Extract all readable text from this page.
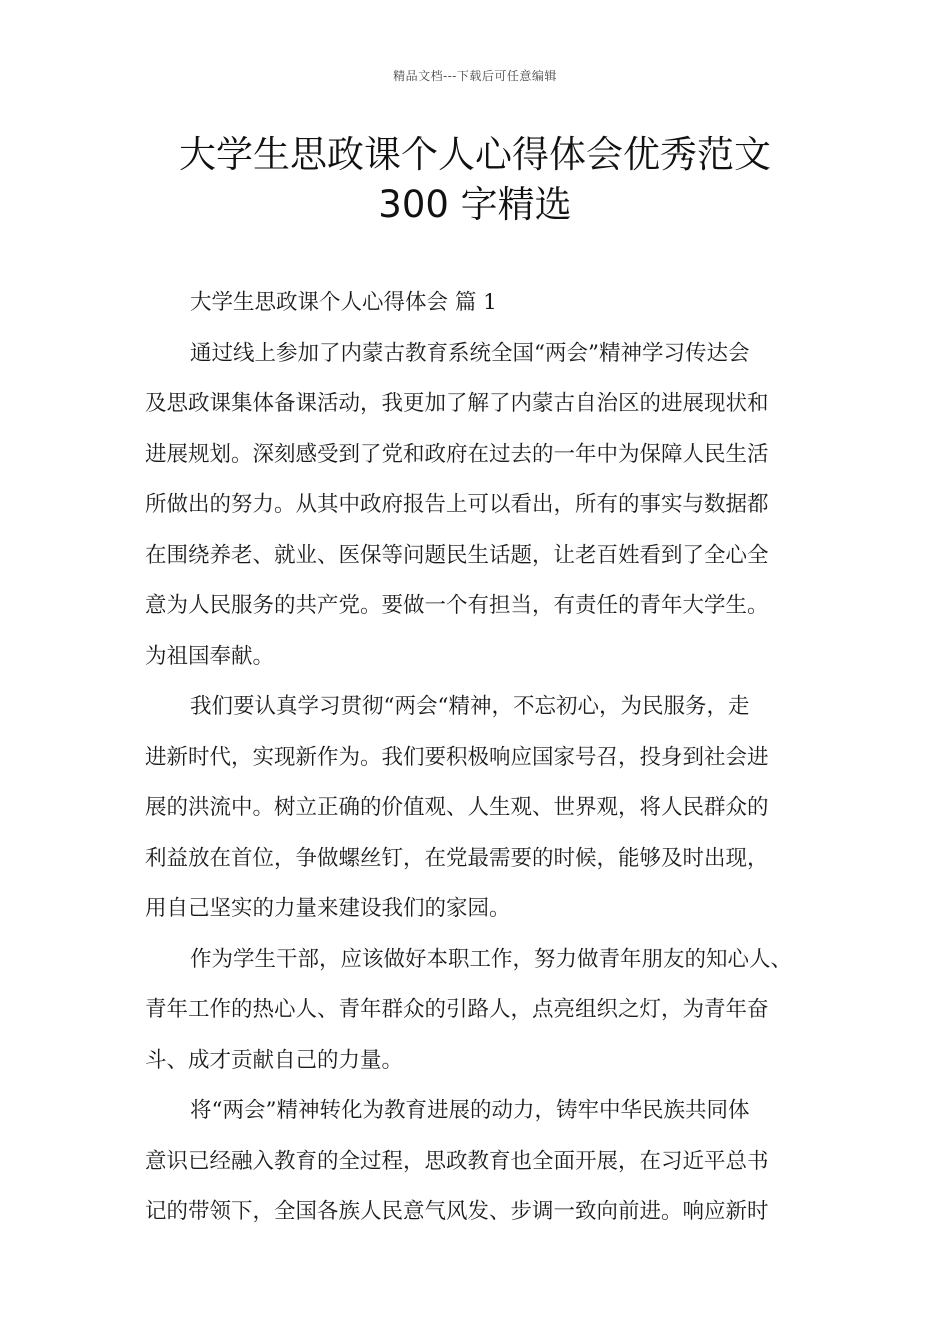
精品文档---下载后可任意编辑
大学生思政课个人心得体会优秀范文
300 字精选
大学生思政课个人心得体会 篇 1

通过线上参加了内蒙古教育系统全国“两会”精神学习传达会
及思政课集体备课活动，我更加了解了内蒙古自治区的进展现状和
进展规划。深刻感受到了党和政府在过去的一年中为保障人民生活
所做出的努力。从其中政府报告上可以看出，所有的事实与数据都
在围绕养老、就业、医保等问题民生话题，让老百姓看到了全心全
意为人民服务的共产党。要做一个有担当，有责任的青年大学生。
为祖国奉献。

我们要认真学习贯彻“两会“精神，不忘初心，为民服务，走
进新时代，实现新作为。我们要积极响应国家号召，投身到社会进
展的洪流中。树立正确的价值观、人生观、世界观，将人民群众的
利益放在首位，争做螺丝钉，在党最需要的时候，能够及时出现，
用自己坚实的力量来建设我们的家园。

作为学生干部，应该做好本职工作，努力做青年朋友的知心人、
青年工作的热心人、青年群众的引路人，点亮组织之灯，为青年奋
斗、成才贡献自己的力量。

将“两会”精神转化为教育进展的动力，铸牢中华民族共同体
意识已经融入教育的全过程，思政教育也全面开展，在习近平总书
记的带领下，全国各族人民意气风发、步调一致向前进。响应新时
